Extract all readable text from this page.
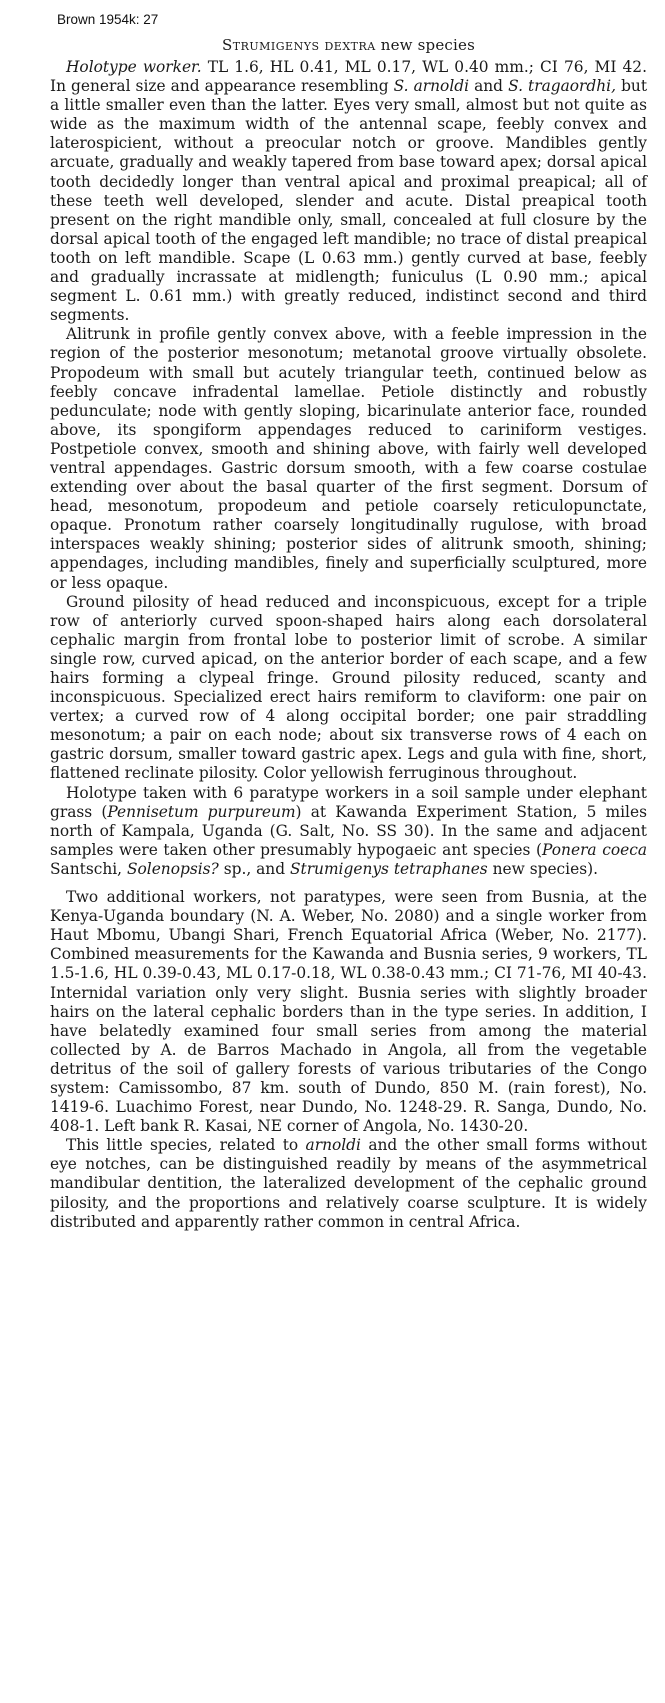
Brown 1954k: 27
Strumigenys dextra new species

Holotype worker. TL 1.6, HL 0.41, ML 0.17, WL 0.40 mm.; CI 76, MI 42. In general size and appearance resembling S. arnoldi and S. tragaordhi, but a little smaller even than the latter. Eyes very small, almost but not quite as wide as the maximum width of the antennal scape, feebly convex and laterospicient, without a preocular notch or groove. Mandibles gently arcuate, gradually and weakly tapered from base toward apex; dorsal apical tooth decidedly longer than ventral apical and proximal preapical; all of these teeth well developed, slender and acute. Distal preapical tooth present on the right mandible only, small, concealed at full closure by the dorsal apical tooth of the engaged left mandible; no trace of distal preapical tooth on left mandible. Scape (L 0.63 mm.) gently curved at base, feebly and gradually incrassate at midlength; funiculus (L 0.90 mm.; apical segment L. 0.61 mm.) with greatly reduced, indistinct second and third segments.

Alitrunk in profile gently convex above, with a feeble impression in the region of the posterior mesonotum; metanotal groove virtually obsolete. Propodeum with small but acutely triangular teeth, continued below as feebly concave infradental lamellae. Petiole distinctly and robustly pedunculate; node with gently sloping, bicarinulate anterior face, rounded above, its spongiform appendages reduced to cariniform vestiges. Postpetiole convex, smooth and shining above, with fairly well developed ventral appendages. Gastric dorsum smooth, with a few coarse costulae extending over about the basal quarter of the first segment. Dorsum of head, mesonotum, propodeum and petiole coarsely reticulopunctate, opaque. Pronotum rather coarsely longitudinally rugulose, with broad interspaces weakly shining; posterior sides of alitrunk smooth, shining; appendages, including mandibles, finely and superficially sculptured, more or less opaque.

Ground pilosity of head reduced and inconspicuous, except for a triple row of anteriorly curved spoon-shaped hairs along each dorsolateral cephalic margin from frontal lobe to posterior limit of scrobe. A similar single row, curved apicad, on the anterior border of each scape, and a few hairs forming a clypeal fringe. Ground pilosity reduced, scanty and inconspicuous. Specialized erect hairs remiform to claviform: one pair on vertex; a curved row of 4 along occipital border; one pair straddling mesonotum; a pair on each node; about six transverse rows of 4 each on gastric dorsum, smaller toward gastric apex. Legs and gula with fine, short, flattened reclinate pilosity. Color yellowish ferruginous throughout.

Holotype taken with 6 paratype workers in a soil sample under elephant grass (Pennisetum purpureum) at Kawanda Experiment Station, 5 miles north of Kampala, Uganda (G. Salt, No. SS 30). In the same and adjacent samples were taken other presumably hypogaeic ant species (Ponera coeca Santschi, Solenopsis? sp., and Strumigenys tetraphanes new species).

Two additional workers, not paratypes, were seen from Busnia, at the Kenya-Uganda boundary (N. A. Weber, No. 2080) and a single worker from Haut Mbomu, Ubangi Shari, French Equatorial Africa (Weber, No. 2177). Combined measurements for the Kawanda and Busnia series, 9 workers, TL 1.5-1.6, HL 0.39-0.43, ML 0.17-0.18, WL 0.38-0.43 mm.; CI 71-76, MI 40-43. Internidal variation only very slight. Busnia series with slightly broader hairs on the lateral cephalic borders than in the type series. In addition, I have belatedly examined four small series from among the material collected by A. de Barros Machado in Angola, all from the vegetable detritus of the soil of gallery forests of various tributaries of the Congo system: Camissombo, 87 km. south of Dundo, 850 M. (rain forest), No. 1419-6. Luachimo Forest, near Dundo, No. 1248-29. R. Sanga, Dundo, No. 408-1. Left bank R. Kasai, NE corner of Angola, No. 1430-20.

This little species, related to arnoldi and the other small forms without eye notches, can be distinguished readily by means of the asymmetrical mandibular dentition, the lateralized development of the cephalic ground pilosity, and the proportions and relatively coarse sculpture. It is widely distributed and apparently rather common in central Africa.
